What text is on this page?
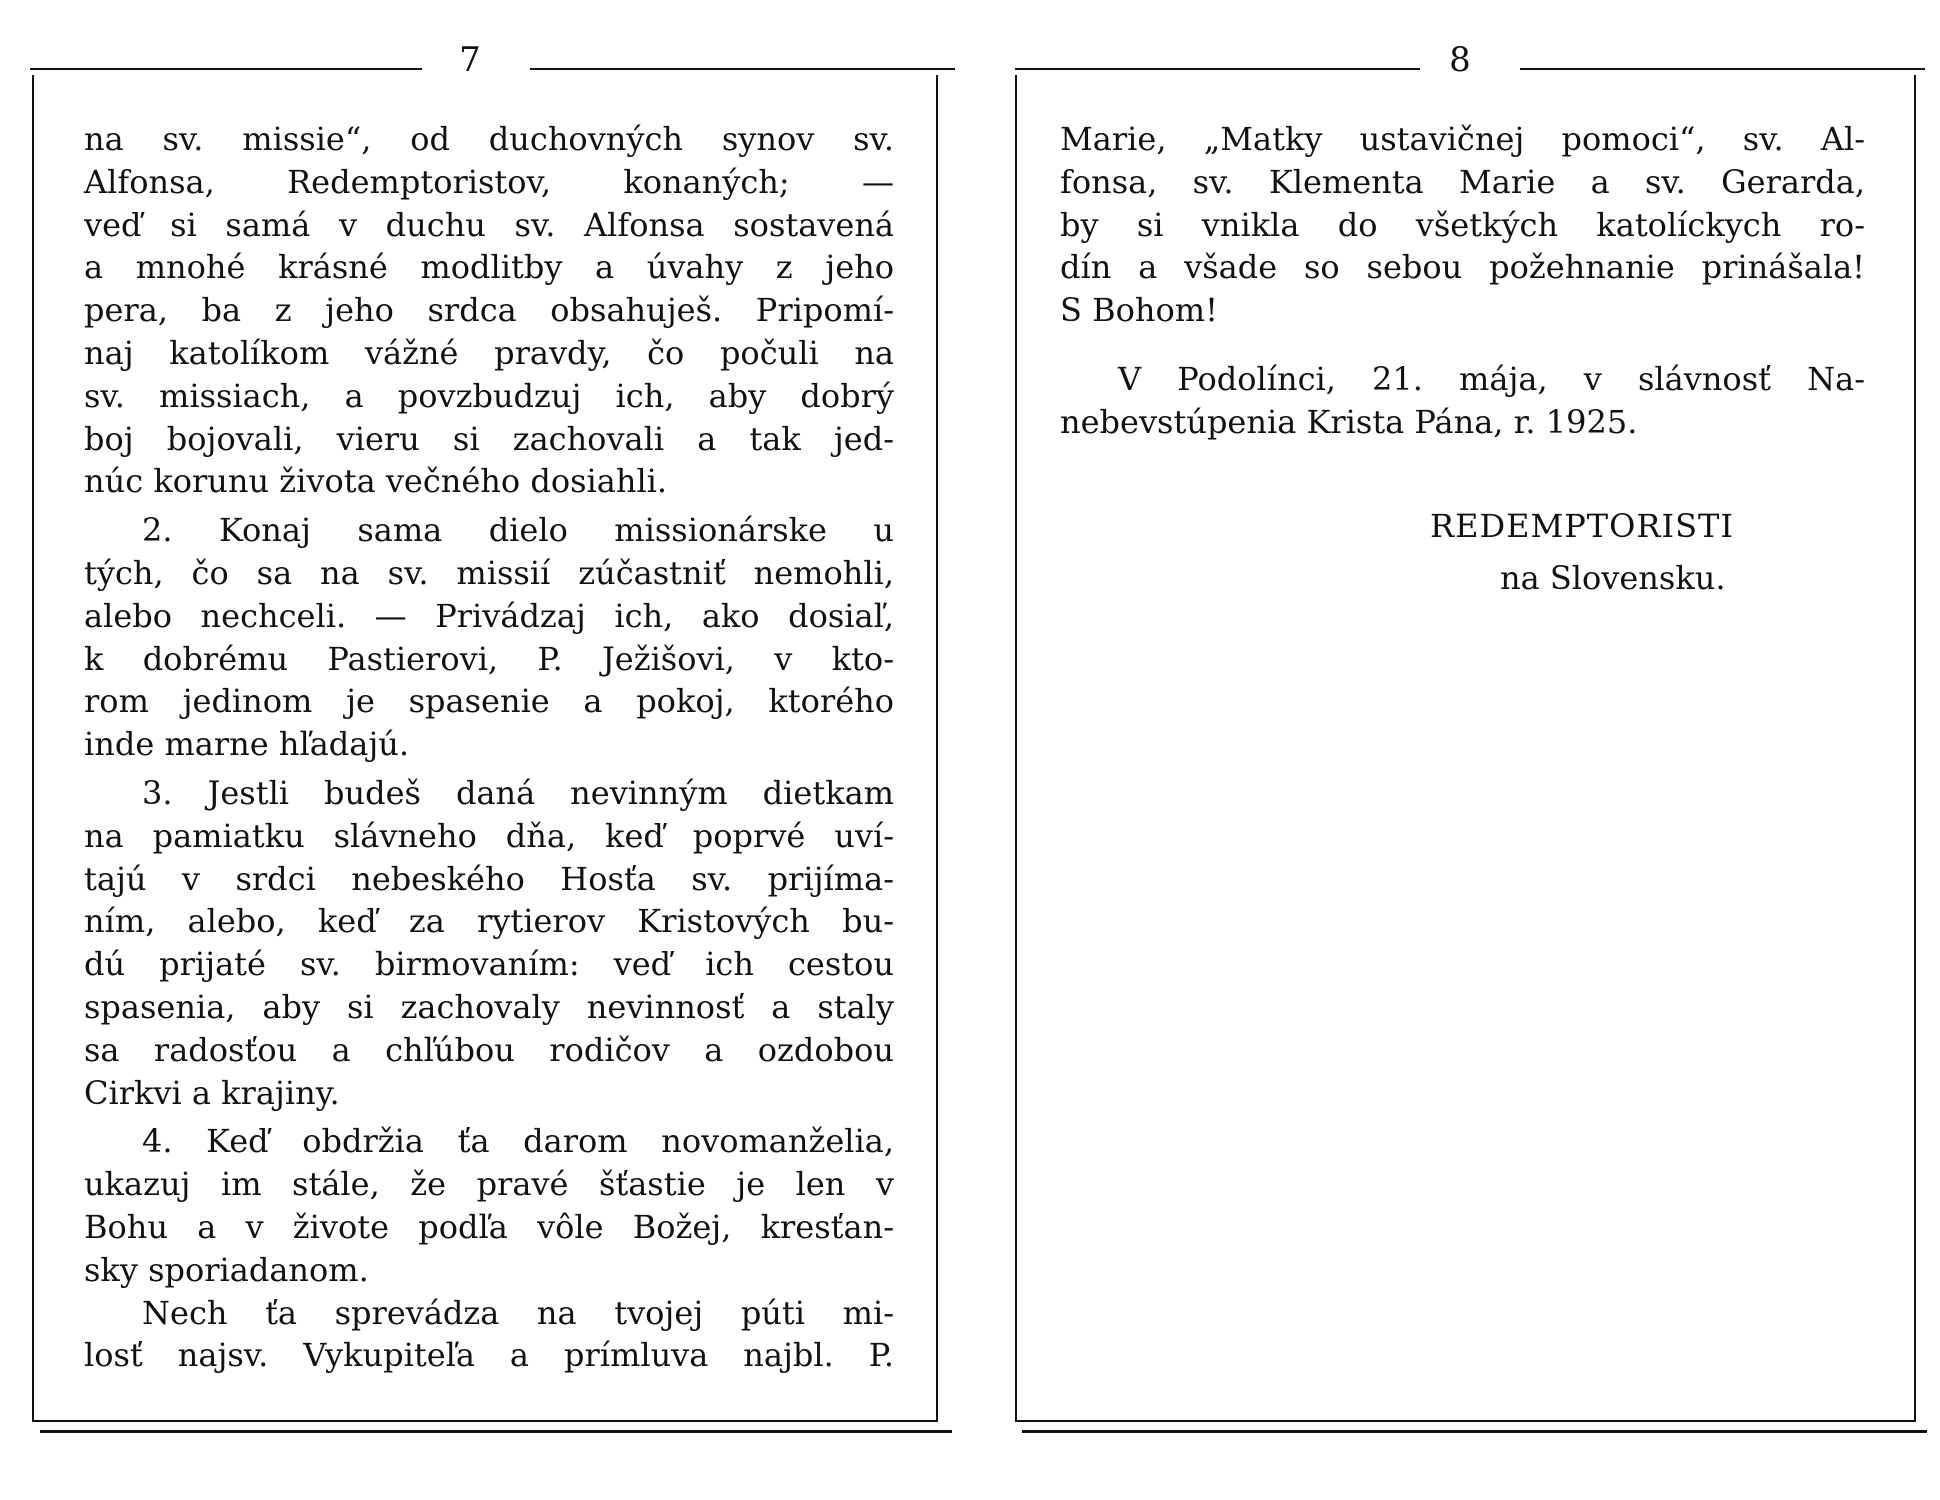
7
na sv. missie“, od duchovných synov sv.
Alfonsa, Redemptoristov, konaných; —
veď si samá v duchu sv. Alfonsa sostavená
a mnohé krásné modlitby a úvahy z jeho
pera, ba z jeho srdca obsahuješ. Pripomí-
naj katolíkom vážné pravdy, čo počuli na
sv. missiach, a povzbudzuj ich, aby dobrý
boj bojovali, vieru si zachovali a tak jed-
núc korunu života večného dosiahli.
2. Konaj sama dielo missionárske u
tých, čo sa na sv. missií zúčastniť nemohli,
alebo nechceli. — Privádzaj ich, ako dosiaľ,
k dobrému Pastierovi, P. Ježišovi, v kto-
rom jedinom je spasenie a pokoj, ktorého
inde marne hľadajú.
3. Jestli budeš daná nevinným dietkam
na pamiatku slávneho dňa, keď poprvé uví-
tajú v srdci nebeského Hosťa sv. prijíma-
ním, alebo, keď za rytierov Kristových bu-
dú prijaté sv. birmovaním: veď ich cestou
spasenia, aby si zachovaly nevinnosť a staly
sa radosťou a chľúbou rodičov a ozdobou
Cirkvi a krajiny.
4. Keď obdržia ťa darom novomanželia,
ukazuj im stále, že pravé šťastie je len v
Bohu a v živote podľa vôle Božej, kresťan-
sky sporiadanom.
Nech ťa sprevádza na tvojej púti mi-
losť najsv. Vykupiteľa a prímluva najbl. P.
8
Marie, „Matky ustavičnej pomoci“, sv. Al-
fonsa, sv. Klementa Marie a sv. Gerarda,
by si vnikla do všetkých katolíckych ro-
dín a všade so sebou požehnanie prinášala!
S Bohom!
V Podolínci, 21. mája, v slávnosť Na-
nebevstúpenia Krista Pána, r. 1925.
REDEMPTORISTI
na Slovensku.
